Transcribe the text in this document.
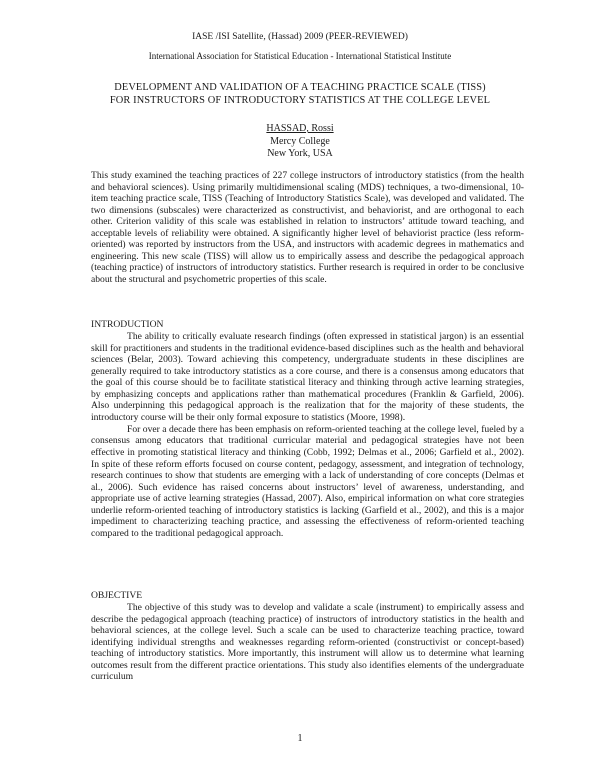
IASE /ISI Satellite, (Hassad) 2009 (PEER-REVIEWED)
International Association for Statistical Education - International Statistical Institute
DEVELOPMENT AND VALIDATION OF A TEACHING PRACTICE SCALE (TISS)
FOR INSTRUCTORS OF INTRODUCTORY STATISTICS AT THE COLLEGE LEVEL
HASSAD, Rossi
Mercy College
New York, USA

This study examined the teaching practices of 227 college instructors of introductory statistics (from the health and behavioral sciences). Using primarily multidimensional scaling (MDS) techniques, a two-dimensional, 10-item teaching practice scale, TISS (Teaching of Introductory Statistics Scale), was developed and validated. The two dimensions (subscales) were characterized as constructivist, and behaviorist, and are orthogonal to each other. Criterion validity of this scale was established in relation to instructors’ attitude toward teaching, and acceptable levels of reliability were obtained. A significantly higher level of behaviorist practice (less reform-oriented) was reported by instructors from the USA, and instructors with academic degrees in mathematics and engineering. This new scale (TISS) will allow us to empirically assess and describe the pedagogical approach (teaching practice) of instructors of introductory statistics. Further research is required in order to be conclusive about the structural and psychometric properties of this scale.

INTRODUCTION

The ability to critically evaluate research findings (often expressed in statistical jargon) is an essential skill for practitioners and students in the traditional evidence-based disciplines such as the health and behavioral sciences (Belar, 2003). Toward achieving this competency, undergraduate students in these disciplines are generally required to take introductory statistics as a core course, and there is a consensus among educators that the goal of this course should be to facilitate statistical literacy and thinking through active learning strategies, by emphasizing concepts and applications rather than mathematical procedures (Franklin & Garfield, 2006). Also underpinning this pedagogical approach is the realization that for the majority of these students, the introductory course will be their only formal exposure to statistics (Moore, 1998).

For over a decade there has been emphasis on reform-oriented teaching at the college level, fueled by a consensus among educators that traditional curricular material and pedagogical strategies have not been effective in promoting statistical literacy and thinking (Cobb, 1992; Delmas et al., 2006; Garfield et al., 2002). In spite of these reform efforts focused on course content, pedagogy, assessment, and integration of technology, research continues to show that students are emerging with a lack of understanding of core concepts (Delmas et al., 2006). Such evidence has raised concerns about instructors’ level of awareness, understanding, and appropriate use of active learning strategies (Hassad, 2007). Also, empirical information on what core strategies underlie reform-oriented teaching of introductory statistics is lacking (Garfield et al., 2002), and this is a major impediment to characterizing teaching practice, and assessing the effectiveness of reform-oriented teaching compared to the traditional pedagogical approach.

OBJECTIVE

The objective of this study was to develop and validate a scale (instrument) to empirically assess and describe the pedagogical approach (teaching practice) of instructors of introductory statistics in the health and behavioral sciences, at the college level. Such a scale can be used to characterize teaching practice, toward identifying individual strengths and weaknesses regarding reform-oriented (constructivist or concept-based) teaching of introductory statistics. More importantly, this instrument will allow us to determine what learning outcomes result from the different practice orientations. This study also identifies elements of the undergraduate curriculum

1
